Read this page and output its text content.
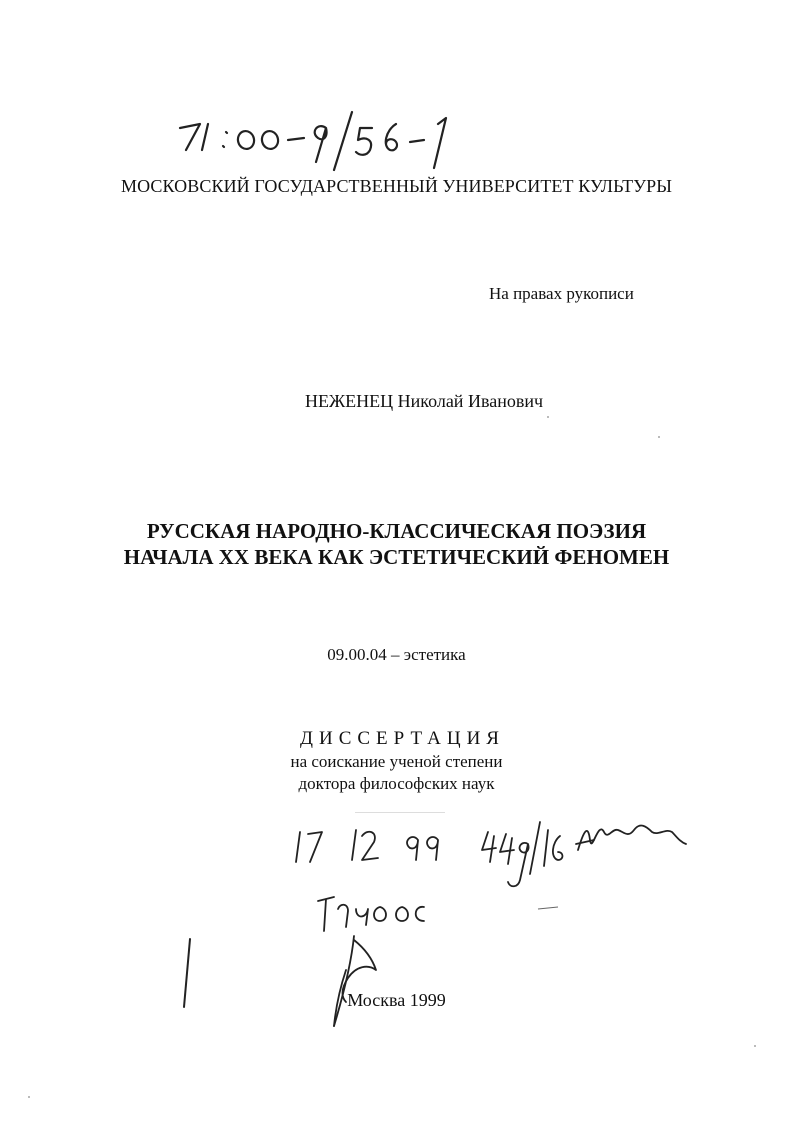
МОСКОВСКИЙ ГОСУДАРСТВЕННЫЙ УНИВЕРСИТЕТ КУЛЬТУРЫ
На правах рукописи
НЕЖЕНЕЦ Николай Иванович
РУССКАЯ НАРОДНО-КЛАССИЧЕСКАЯ ПОЭЗИЯ
НАЧАЛА XX ВЕКА КАК ЭСТЕТИЧЕСКИЙ ФЕНОМЕН
09.00.04 – эстетика
ДИССЕРТАЦИЯ
на соискание ученой степени
доктора философских наук
Москва 1999
